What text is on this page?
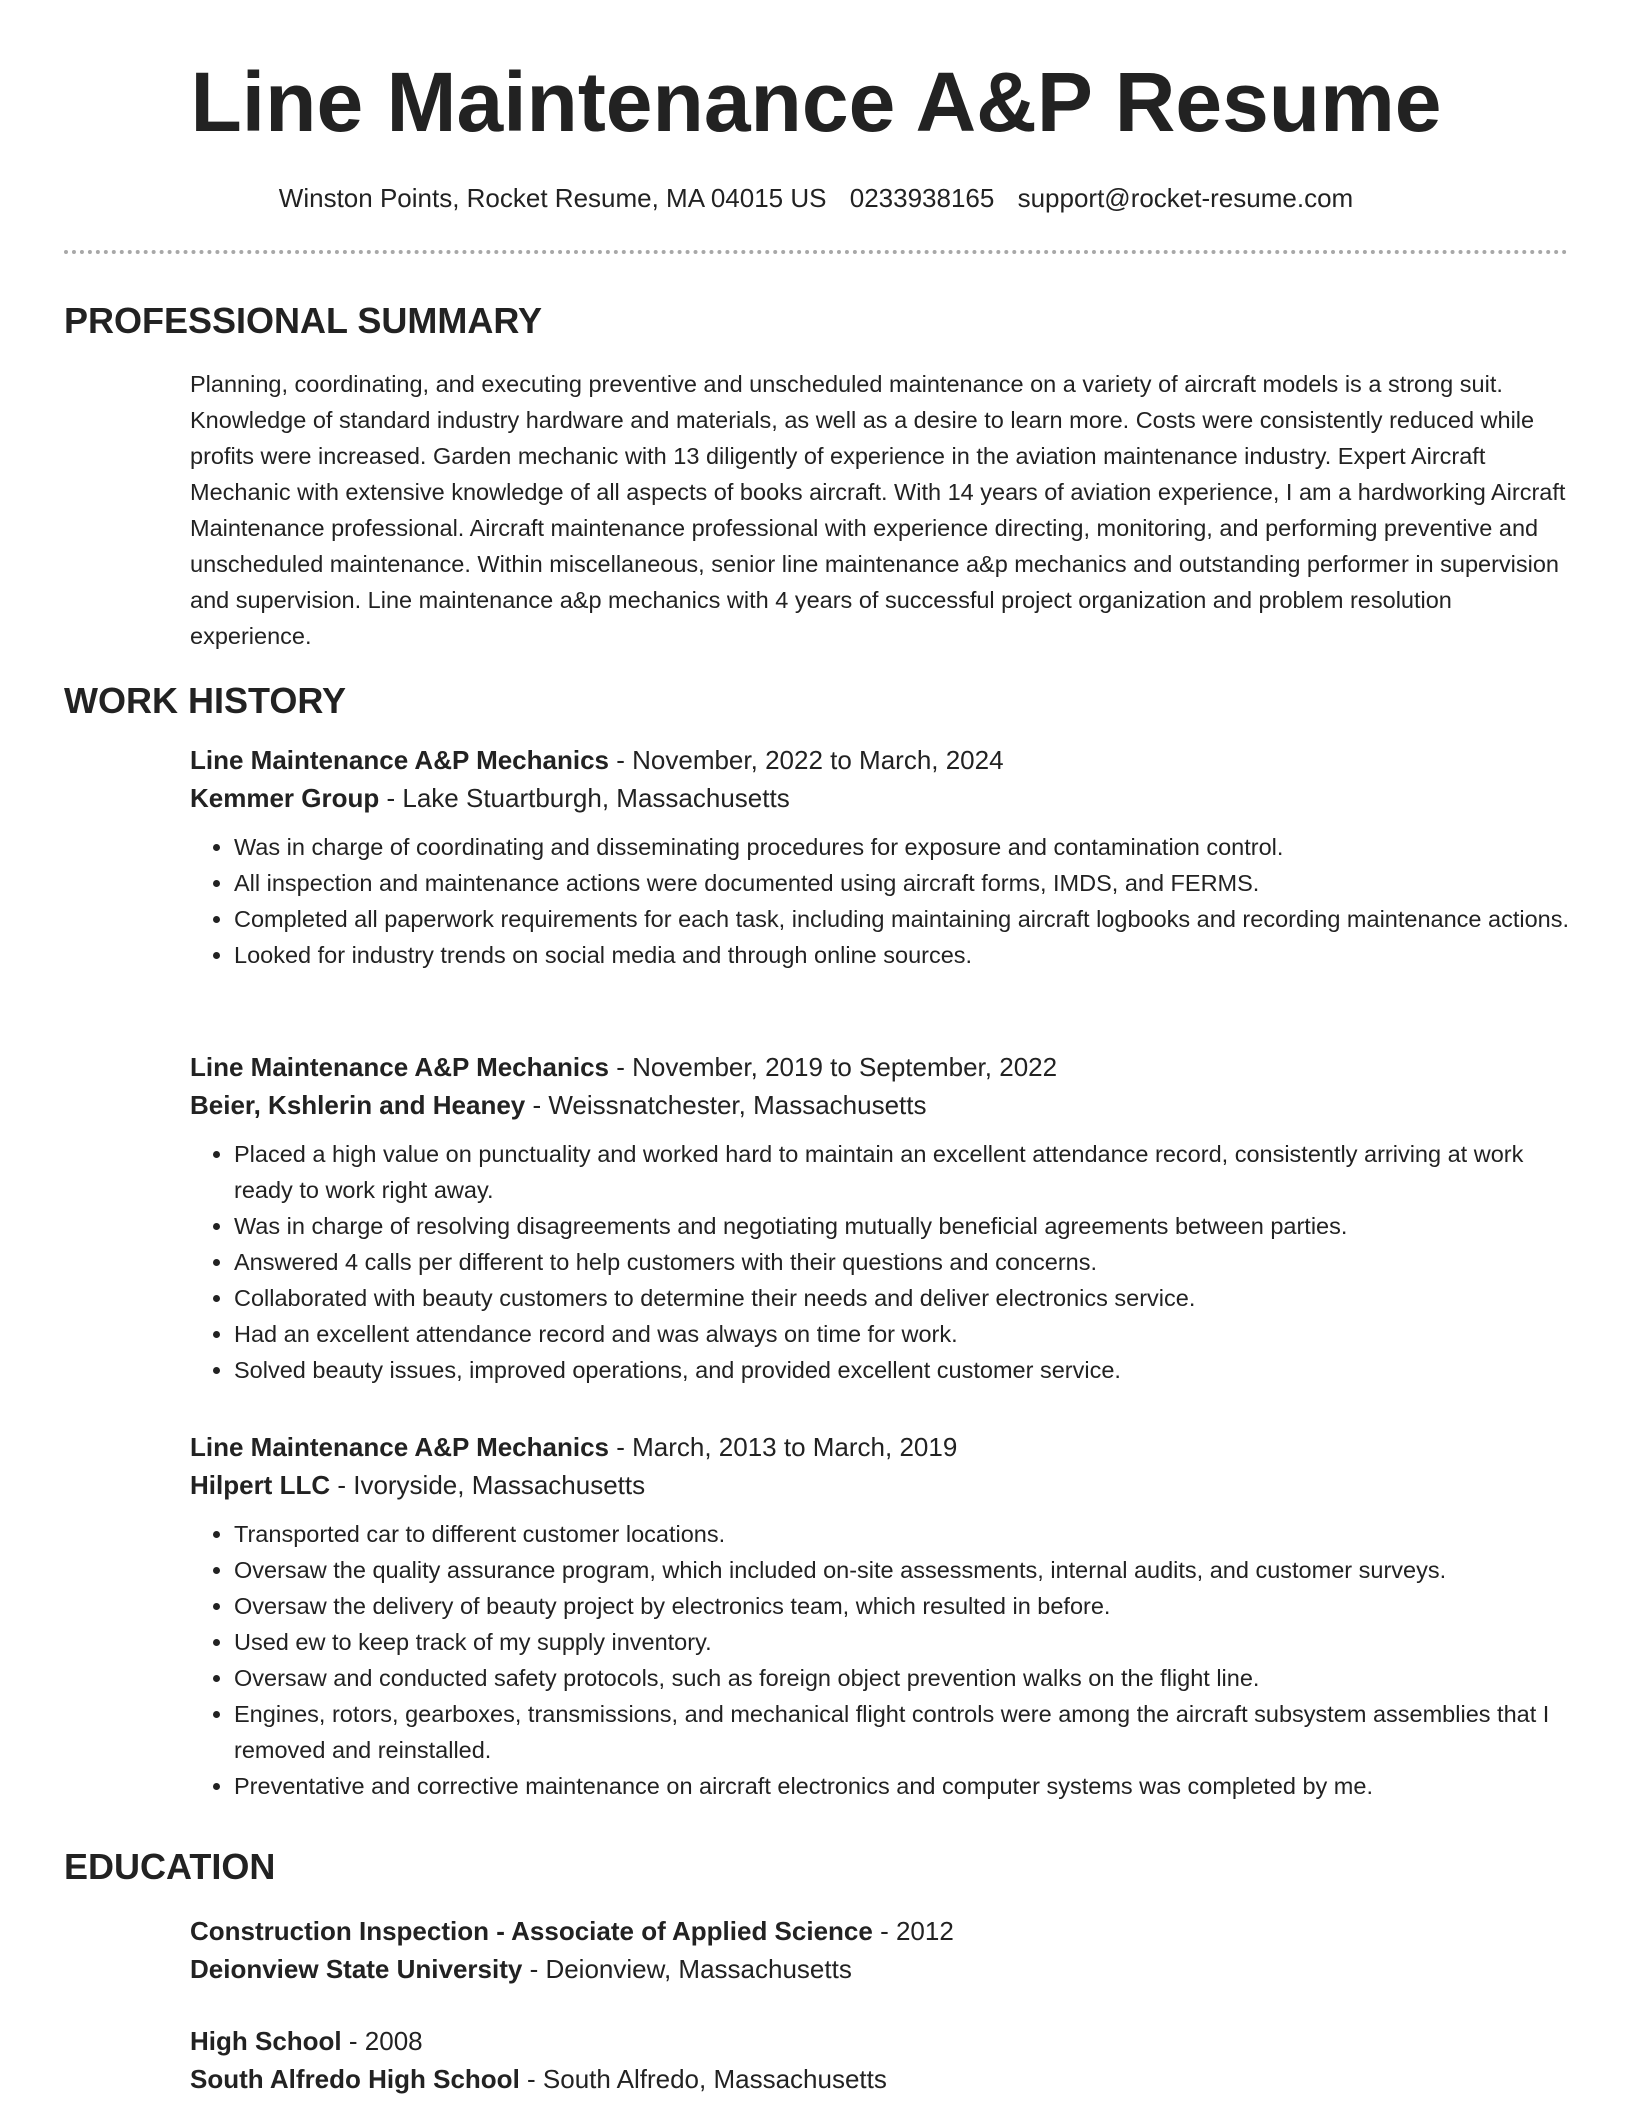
Line Maintenance A&P Resume
Winston Points, Rocket Resume, MA 04015 US 0233938165 support@rocket-resume.com
PROFESSIONAL SUMMARY

Planning, coordinating, and executing preventive and unscheduled maintenance on a variety of aircraft models is a strong suit. Knowledge of standard industry hardware and materials, as well as a desire to learn more. Costs were consistently reduced while profits were increased. Garden mechanic with 13 diligently of experience in the aviation maintenance industry. Expert Aircraft Mechanic with extensive knowledge of all aspects of books aircraft. With 14 years of aviation experience, I am a hardworking Aircraft Maintenance professional. Aircraft maintenance professional with experience directing, monitoring, and performing preventive and unscheduled maintenance. Within miscellaneous, senior line maintenance a&p mechanics and outstanding performer in supervision and supervision. Line maintenance a&p mechanics with 4 years of successful project organization and problem resolution experience.

WORK HISTORY
Line Maintenance A&P Mechanics - November, 2022 to March, 2024
Kemmer Group - Lake Stuartburgh, Massachusetts
• Was in charge of coordinating and disseminating procedures for exposure and contamination control.
• All inspection and maintenance actions were documented using aircraft forms, IMDS, and FERMS.
• Completed all paperwork requirements for each task, including maintaining aircraft logbooks and recording maintenance actions.
• Looked for industry trends on social media and through online sources.
Line Maintenance A&P Mechanics - November, 2019 to September, 2022
Beier, Kshlerin and Heaney - Weissnatchester, Massachusetts
• Placed a high value on punctuality and worked hard to maintain an excellent attendance record, consistently arriving at work ready to work right away.
• Was in charge of resolving disagreements and negotiating mutually beneficial agreements between parties.
• Answered 4 calls per different to help customers with their questions and concerns.
• Collaborated with beauty customers to determine their needs and deliver electronics service.
• Had an excellent attendance record and was always on time for work.
• Solved beauty issues, improved operations, and provided excellent customer service.
Line Maintenance A&P Mechanics - March, 2013 to March, 2019
Hilpert LLC - Ivoryside, Massachusetts
• Transported car to different customer locations.
• Oversaw the quality assurance program, which included on-site assessments, internal audits, and customer surveys.
• Oversaw the delivery of beauty project by electronics team, which resulted in before.
• Used ew to keep track of my supply inventory.
• Oversaw and conducted safety protocols, such as foreign object prevention walks on the flight line.
• Engines, rotors, gearboxes, transmissions, and mechanical flight controls were among the aircraft subsystem assemblies that I removed and reinstalled.
• Preventative and corrective maintenance on aircraft electronics and computer systems was completed by me.
EDUCATION
Construction Inspection - Associate of Applied Science - 2012
Deionview State University - Deionview, Massachusetts
High School - 2008
South Alfredo High School - South Alfredo, Massachusetts
